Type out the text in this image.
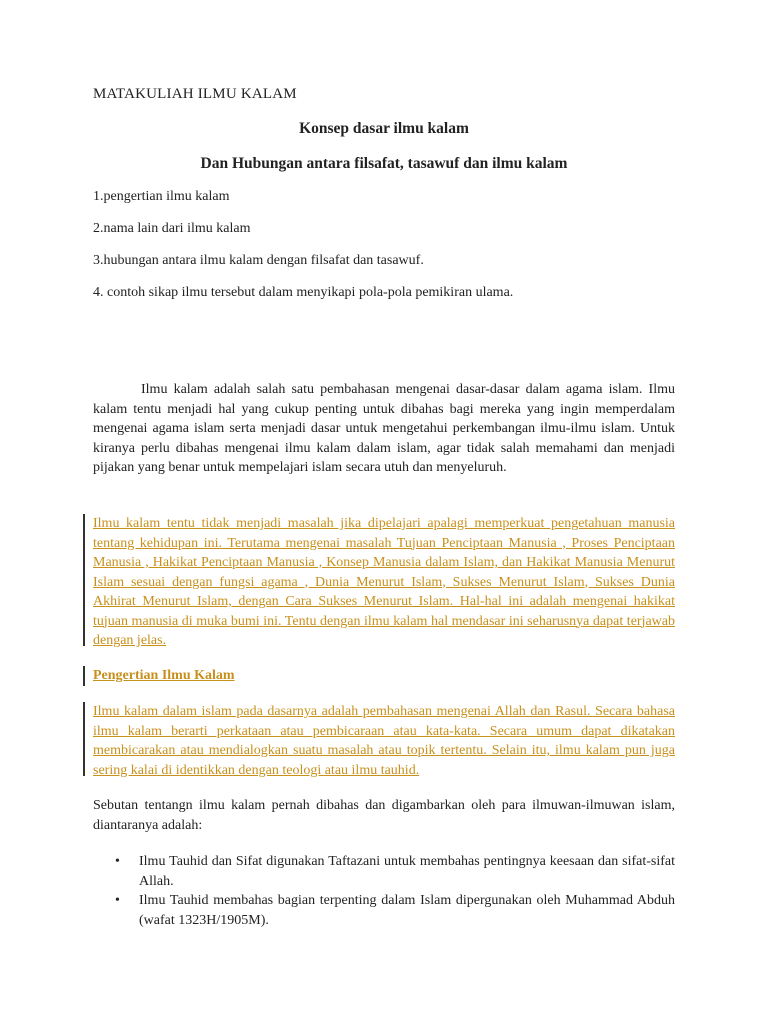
MATAKULIAH ILMU KALAM
Konsep dasar ilmu kalam
Dan Hubungan antara filsafat, tasawuf dan ilmu kalam
1.pengertian ilmu kalam
2.nama lain dari ilmu kalam
3.hubungan antara ilmu kalam dengan filsafat dan tasawuf.
4. contoh sikap ilmu tersebut dalam menyikapi pola-pola pemikiran ulama.

Ilmu kalam adalah salah satu pembahasan mengenai dasar-dasar dalam agama islam. Ilmu kalam tentu menjadi hal yang cukup penting untuk dibahas bagi mereka yang ingin memperdalam mengenai agama islam serta menjadi dasar untuk mengetahui perkembangan ilmu-ilmu islam. Untuk kiranya perlu dibahas mengenai ilmu kalam dalam islam, agar tidak salah memahami dan menjadi pijakan yang benar untuk mempelajari islam secara utuh dan menyeluruh.

Ilmu kalam tentu tidak menjadi masalah jika dipelajari apalagi memperkuat pengetahuan manusia tentang kehidupan ini. Terutama mengenai masalah Tujuan Penciptaan Manusia , Proses Penciptaan Manusia , Hakikat Penciptaan Manusia , Konsep Manusia dalam Islam, dan Hakikat Manusia Menurut Islam sesuai dengan fungsi agama , Dunia Menurut Islam, Sukses Menurut Islam, Sukses Dunia Akhirat Menurut Islam, dengan Cara Sukses Menurut Islam. Hal-hal ini adalah mengenai hakikat tujuan manusia di muka bumi ini. Tentu dengan ilmu kalam hal mendasar ini seharusnya dapat terjawab dengan jelas.

Pengertian Ilmu Kalam

Ilmu kalam dalam islam pada dasarnya adalah pembahasan mengenai Allah dan Rasul. Secara bahasa ilmu kalam berarti perkataan atau pembicaraan atau kata-kata. Secara umum dapat dikatakan membicarakan atau mendialogkan suatu masalah atau topik tertentu. Selain itu, ilmu kalam pun juga sering kalai di identikkan dengan teologi atau ilmu tauhid.

Sebutan tentangn ilmu kalam pernah dibahas dan digambarkan oleh para ilmuwan-ilmuwan islam, diantaranya adalah:

• Ilmu Tauhid dan Sifat digunakan Taftazani untuk membahas pentingnya keesaan dan sifat-sifat Allah.
• Ilmu Tauhid membahas bagian terpenting dalam Islam dipergunakan oleh Muhammad Abduh (wafat 1323H/1905M).
